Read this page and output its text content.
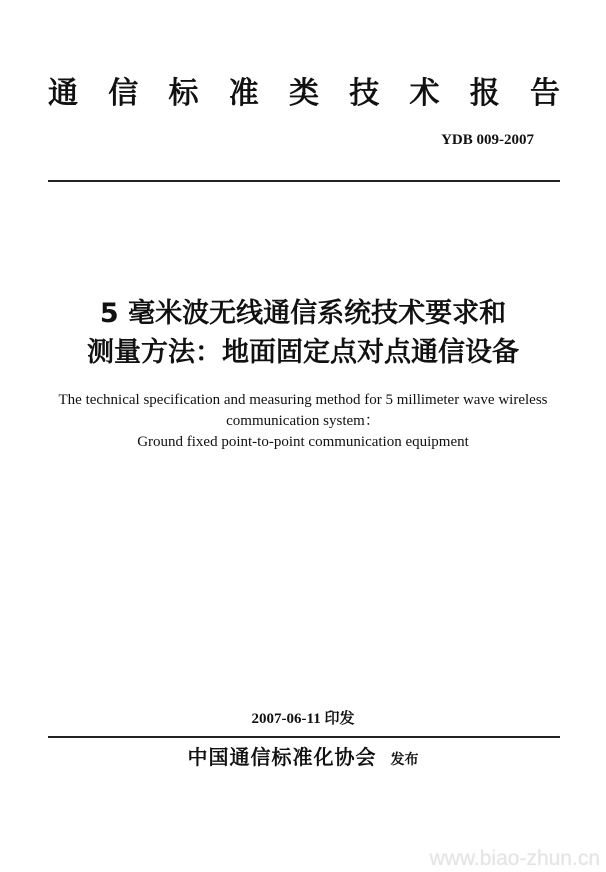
通 信 标 准 类 技 术 报 告
YDB 009-2007
5 毫米波无线通信系统技术要求和
测量方法：地面固定点对点通信设备
The technical specification and measuring method for 5 millimeter wave wireless
communication system：
Ground fixed point-to-point communication equipment
2007-06-11 印发
中国通信标准化协会 发布
www.biao-zhun.cn
